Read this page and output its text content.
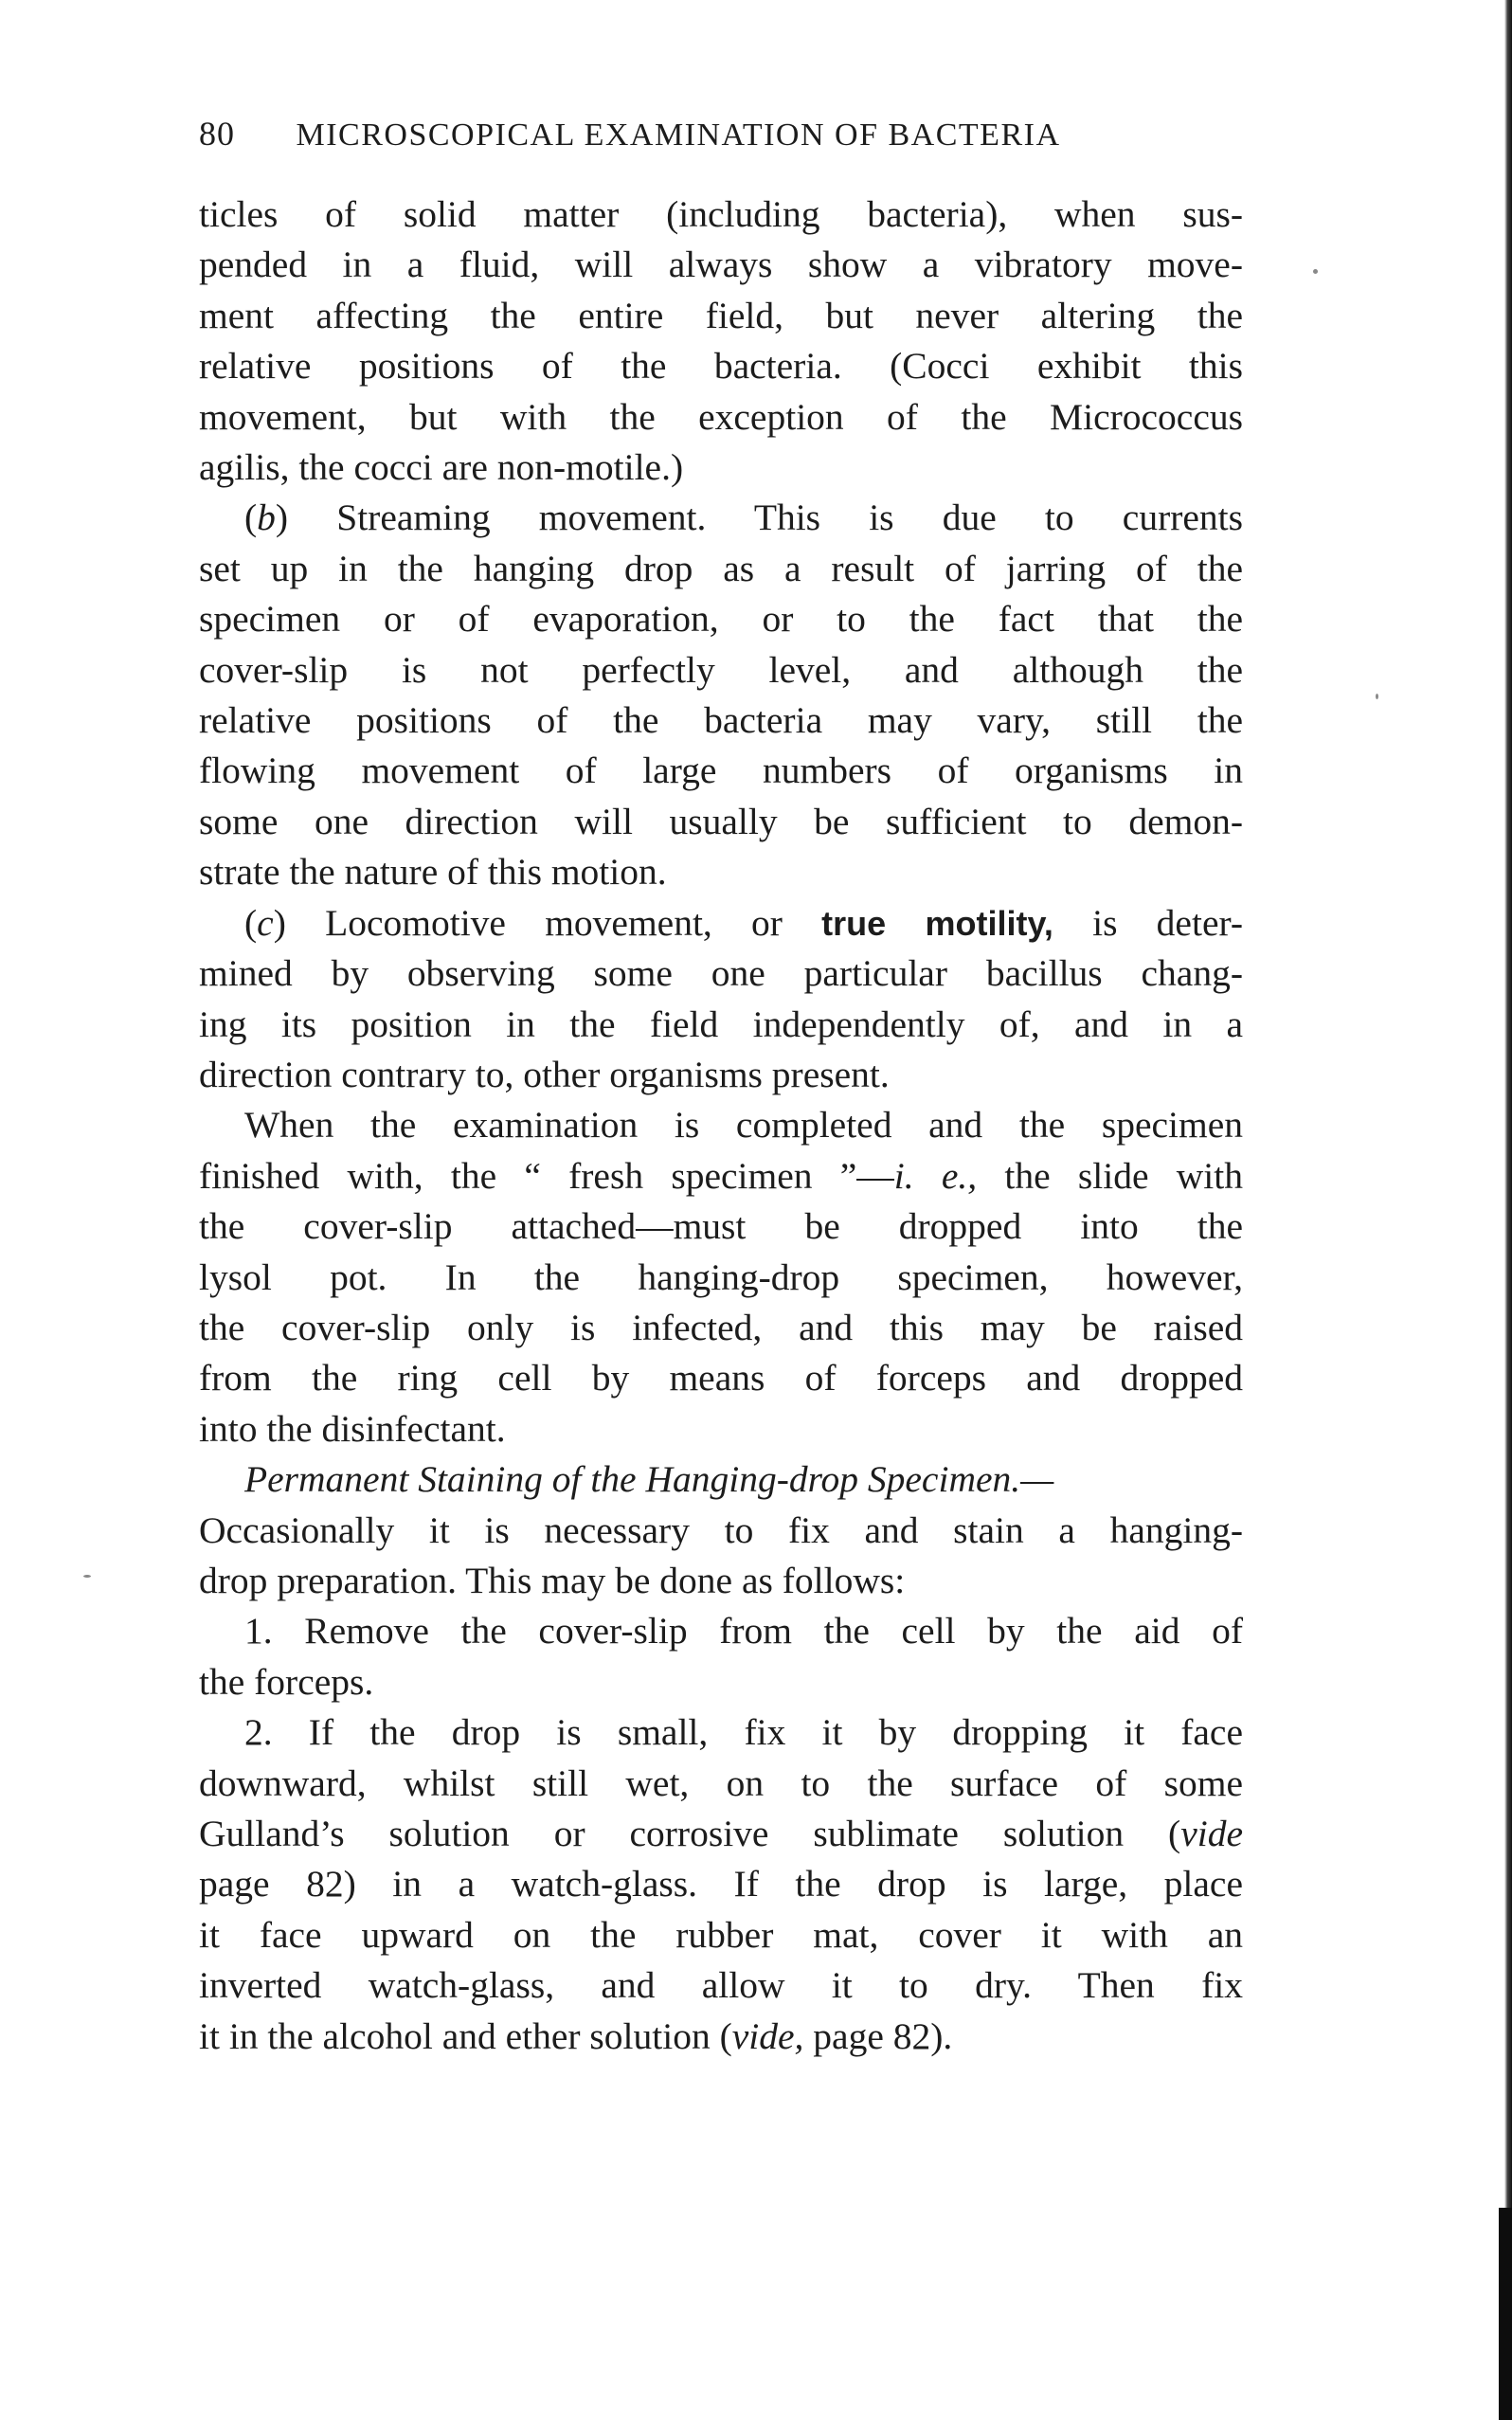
80 MICROSCOPICAL EXAMINATION OF BACTERIA

ticles of solid matter (including bacteria), when sus-

pended in a fluid, will always show a vibratory move-

ment affecting the entire field, but never altering the

relative positions of the bacteria. (Cocci exhibit this

movement, but with the exception of the Micrococcus

agilis, the cocci are non-motile.)

(b) Streaming movement. This is due to currents

set up in the hanging drop as a result of jarring of the

specimen or of evaporation, or to the fact that the

cover-slip is not perfectly level, and although the

relative positions of the bacteria may vary, still the

flowing movement of large numbers of organisms in

some one direction will usually be sufficient to demon-

strate the nature of this motion.

(c) Locomotive movement, or true motility, is deter-

mined by observing some one particular bacillus chang-

ing its position in the field independently of, and in a

direction contrary to, other organisms present.

When the examination is completed and the specimen

finished with, the “ fresh specimen ”—i. e., the slide with

the cover-slip attached—must be dropped into the

lysol pot. In the hanging-drop specimen, however,

the cover-slip only is infected, and this may be raised

from the ring cell by means of forceps and dropped

into the disinfectant.

Permanent Staining of the Hanging-drop Specimen.—

Occasionally it is necessary to fix and stain a hanging-

drop preparation. This may be done as follows:

1. Remove the cover-slip from the cell by the aid of

the forceps.

2. If the drop is small, fix it by dropping it face

downward, whilst still wet, on to the surface of some

Gulland’s solution or corrosive sublimate solution (vide

page 82) in a watch-glass. If the drop is large, place

it face upward on the rubber mat, cover it with an

inverted watch-glass, and allow it to dry. Then fix

it in the alcohol and ether solution (vide, page 82).
